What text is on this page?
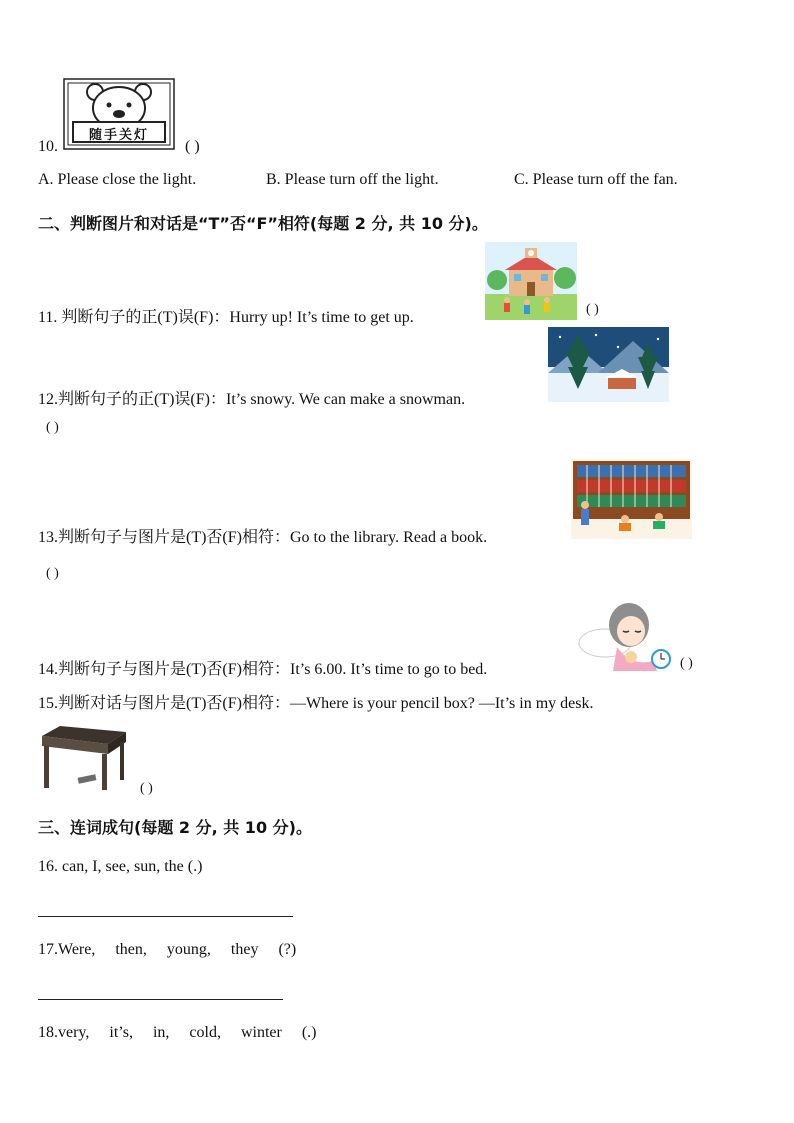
10.
随手关灯
( )
A. Please close the light.	B. Please turn off the light.	C. Please turn off the fan.
二、判断图片和对话是“T”否“F”相符(每题 2 分, 共 10 分)。
11. 判断句子的正(T)误(F)：Hurry up! It’s time to get up.	( )
12.判断句子的正(T)误(F)：It’s snowy. We can make a snowman.
( )
13.判断句子与图片是(T)否(F)相符：Go to the library. Read a book.
( )
14.判断句子与图片是(T)否(F)相符：It’s 6.00. It’s time to go to bed.	( )
15.判断对话与图片是(T)否(F)相符：—Where is your pencil box? —It’s in my desk.
( )
三、连词成句(每题 2 分, 共 10 分)。
16. can, I, see, sun, the (.)
17.Were,     then,     young,     they     (?)
18.very,     it’s,     in,     cold,     winter     (.)
